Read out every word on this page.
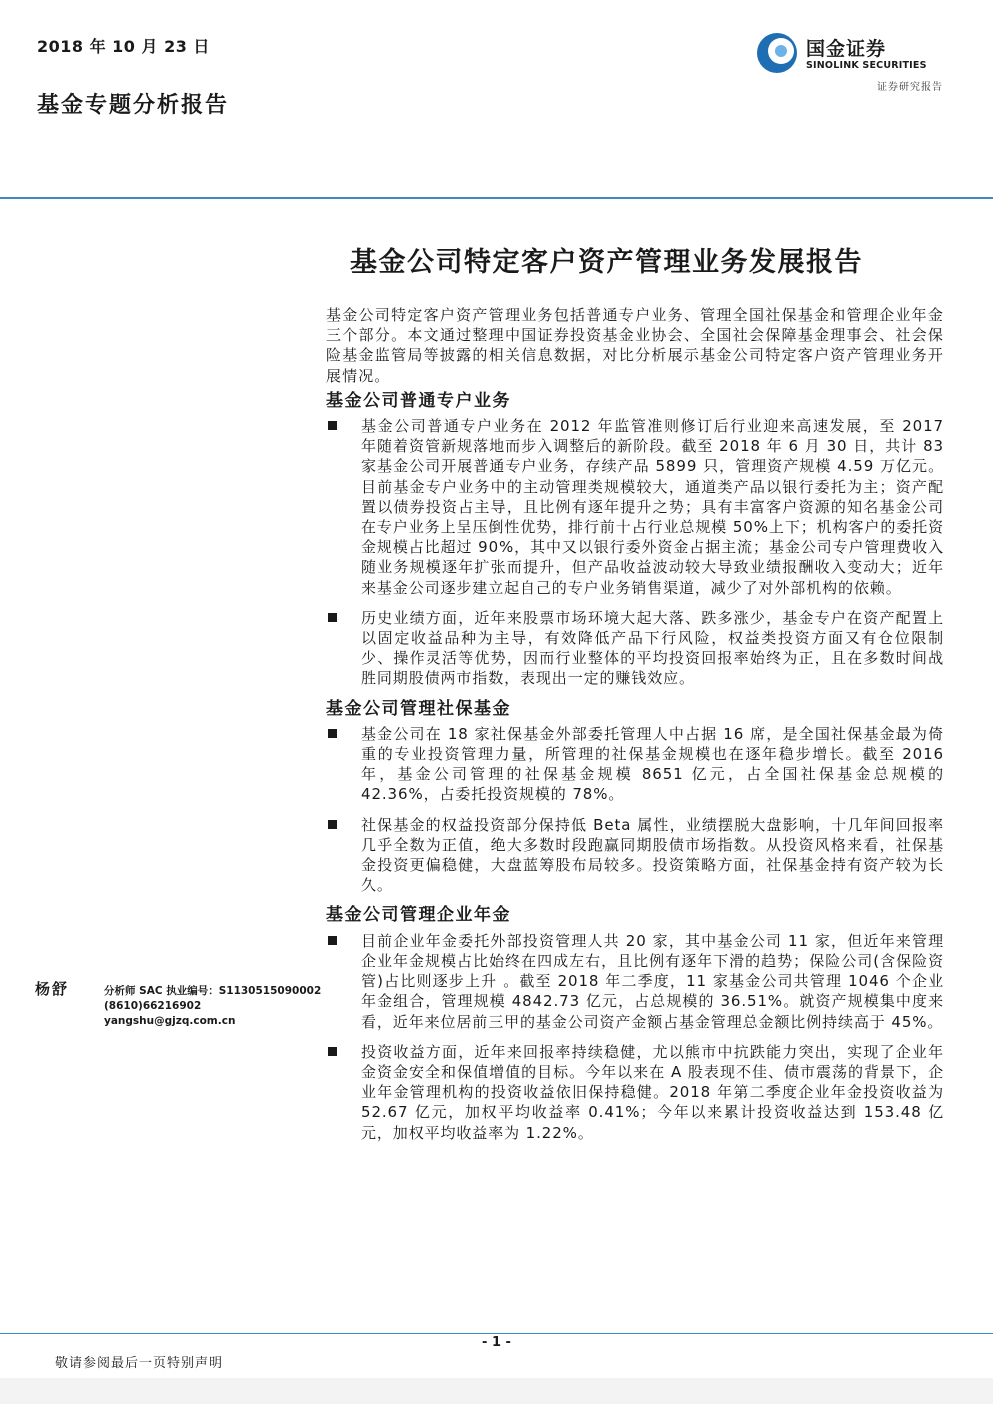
2018 年 10 月 23 日
基金专题分析报告
国金证券
SINOLINK SECURITIES
证券研究报告
基金公司特定客户资产管理业务发展报告

基金公司特定客户资产管理业务包括普通专户业务、管理全国社保基金和管理企业年金三个部分。本文通过整理中国证券投资基金业协会、全国社会保障基金理事会、社会保险基金监管局等披露的相关信息数据，对比分析展示基金公司特定客户资产管理业务开展情况。

基金公司普通专户业务
基金公司普通专户业务在 2012 年监管准则修订后行业迎来高速发展，至 2017 年随着资管新规落地而步入调整后的新阶段。截至 2018 年 6 月 30 日，共计 83 家基金公司开展普通专户业务，存续产品 5899 只，管理资产规模 4.59 万亿元。目前基金专户业务中的主动管理类规模较大，通道类产品以银行委托为主；资产配置以债券投资占主导，且比例有逐年提升之势；具有丰富客户资源的知名基金公司在专户业务上呈压倒性优势，排行前十占行业总规模 50%上下；机构客户的委托资金规模占比超过 90%，其中又以银行委外资金占据主流；基金公司专户管理费收入随业务规模逐年扩张而提升，但产品收益波动较大导致业绩报酬收入变动大；近年来基金公司逐步建立起自己的专户业务销售渠道，减少了对外部机构的依赖。
历史业绩方面，近年来股票市场环境大起大落、跌多涨少，基金专户在资产配置上以固定收益品种为主导，有效降低产品下行风险，权益类投资方面又有仓位限制少、操作灵活等优势，因而行业整体的平均投资回报率始终为正，且在多数时间战胜同期股债两市指数，表现出一定的赚钱效应。
基金公司管理社保基金
基金公司在 18 家社保基金外部委托管理人中占据 16 席，是全国社保基金最为倚重的专业投资管理力量，所管理的社保基金规模也在逐年稳步增长。截至 2016 年，基金公司管理的社保基金规模 8651 亿元，占全国社保基金总规模的 42.36%，占委托投资规模的 78%。
社保基金的权益投资部分保持低 Beta 属性，业绩摆脱大盘影响，十几年间回报率几乎全数为正值，绝大多数时段跑赢同期股债市场指数。从投资风格来看，社保基金投资更偏稳健，大盘蓝筹股布局较多。投资策略方面，社保基金持有资产较为长久。
基金公司管理企业年金
目前企业年金委托外部投资管理人共 20 家，其中基金公司 11 家，但近年来管理企业年金规模占比始终在四成左右，且比例有逐年下滑的趋势；保险公司(含保险资管)占比则逐步上升 。截至 2018 年二季度，11 家基金公司共管理 1046 个企业年金组合，管理规模 4842.73 亿元，占总规模的 36.51%。就资产规模集中度来看，近年来位居前三甲的基金公司资产金额占基金管理总金额比例持续高于 45%。
投资收益方面，近年来回报率持续稳健，尤以熊市中抗跌能力突出，实现了企业年金资金安全和保值增值的目标。今年以来在 A 股表现不佳、债市震荡的背景下，企业年金管理机构的投资收益依旧保持稳健。2018 年第二季度企业年金投资收益为 52.67 亿元，加权平均收益率 0.41%；今年以来累计投资收益达到 153.48 亿元，加权平均收益率为 1.22%。
杨舒	分析师 SAC 执业编号：S1130515090002
(8610)66216902
yangshu@gjzq.com.cn
- 1 -
敬请参阅最后一页特别声明
